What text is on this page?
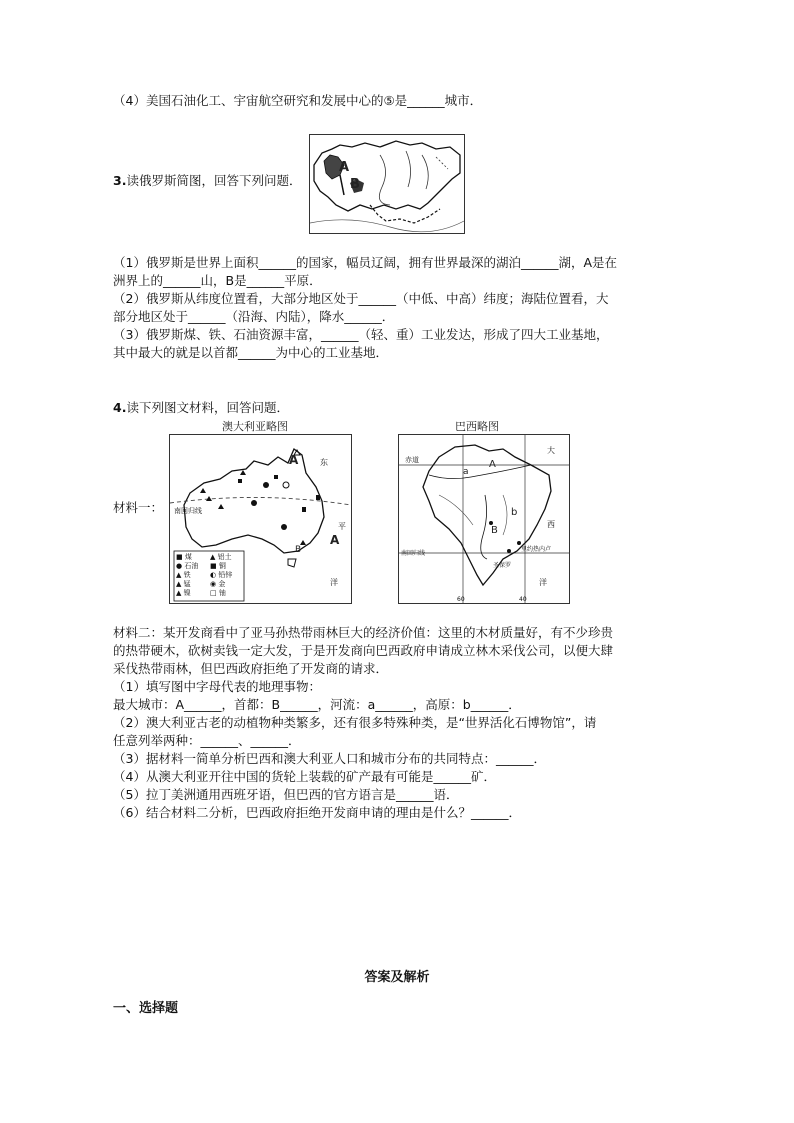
（4）美国石油化工、宇宙航空研究和发展中心的⑤是______城市．
3.读俄罗斯简图，回答下列问题．
A
B
（1）俄罗斯是世界上面积______的国家，幅员辽阔，拥有世界最深的湖泊______湖，A是在
洲界上的______山，B是______平原．
（2）俄罗斯从纬度位置看，大部分地区处于______（中低、中高）纬度；海陆位置看，大
部分地区处于______（沿海、内陆），降水______．
（3）俄罗斯煤、铁、石油资源丰富，______（轻、重）工业发达，形成了四大工业基地，
其中最大的就是以首都______为中心的工业基地．
4.读下列图文材料，回答问题．
材料一：
澳大利亚略图
东
平
洋
南回归线
A
B
A
■ 煤	▲ 铝土
● 石油	■ 铜
▲ 铁	◐ 铅锌
▲ 锰	◉ 金
▲ 镍	□ 铀
巴西略图
大
西
洋
南回归线
圣保罗
里约热内卢
60	40
a
A
b
B
赤道
材料二：某开发商看中了亚马孙热带雨林巨大的经济价值：这里的木材质量好，有不少珍贵
的热带硬木，砍树卖钱一定大发，于是开发商向巴西政府申请成立林木采伐公司，以便大肆
采伐热带雨林，但巴西政府拒绝了开发商的请求．
（1）填写图中字母代表的地理事物：
最大城市：A______，首都：B______，河流：a______，高原：b______．
（2）澳大利亚古老的动植物种类繁多，还有很多特殊种类，是“世界活化石博物馆”，请
任意列举两种：______、______．
（3）据材料一简单分析巴西和澳大利亚人口和城市分布的共同特点：______．
（4）从澳大利亚开往中国的货轮上装载的矿产最有可能是______矿．
（5）拉丁美洲通用西班牙语，但巴西的官方语言是______语．
（6）结合材料二分析，巴西政府拒绝开发商申请的理由是什么？______．
答案及解析
一、选择题
